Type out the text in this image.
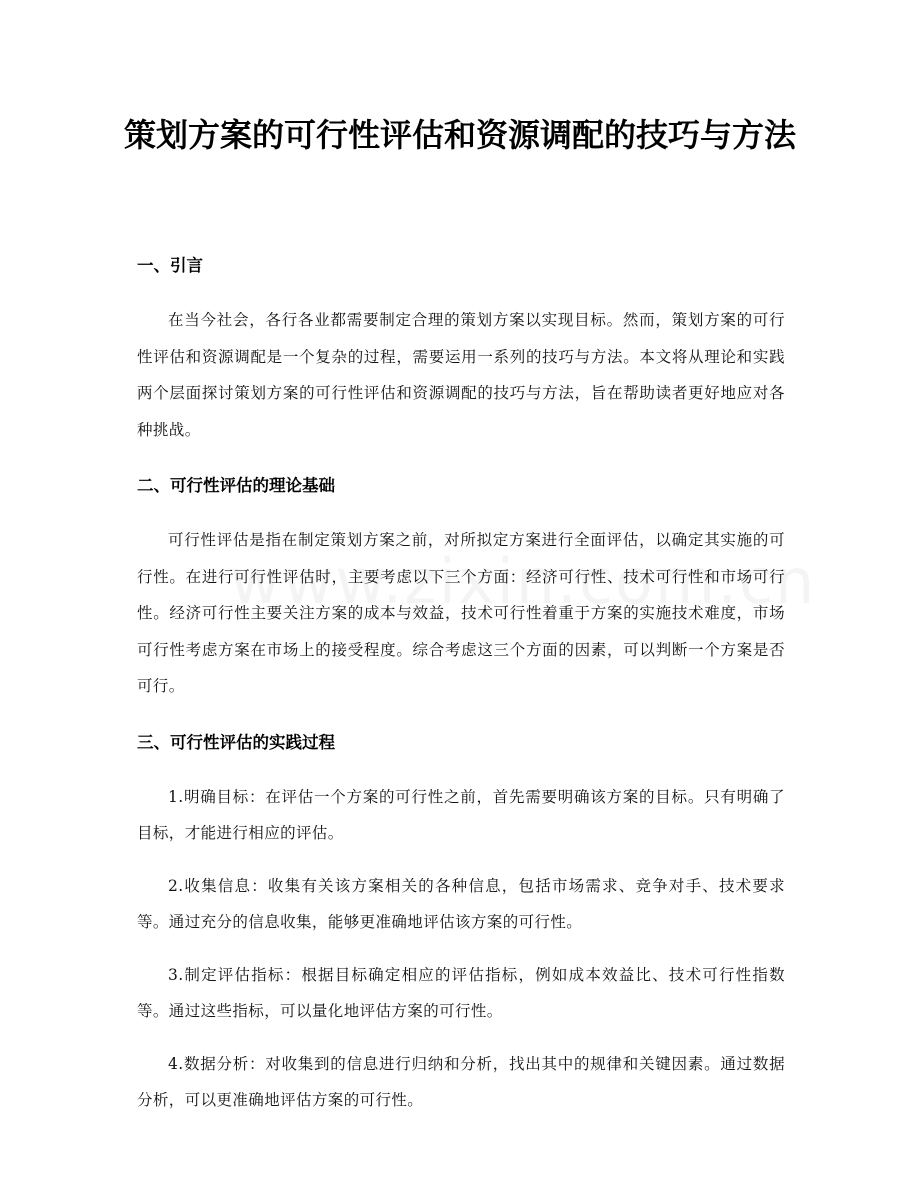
策划方案的可行性评估和资源调配的技巧与方法
一、引言

在当今社会，各行各业都需要制定合理的策划方案以实现目标。然而，策划方案的可行性评估和资源调配是一个复杂的过程，需要运用一系列的技巧与方法。本文将从理论和实践两个层面探讨策划方案的可行性评估和资源调配的技巧与方法，旨在帮助读者更好地应对各种挑战。

二、可行性评估的理论基础

可行性评估是指在制定策划方案之前，对所拟定方案进行全面评估，以确定其实施的可行性。在进行可行性评估时，主要考虑以下三个方面：经济可行性、技术可行性和市场可行性。经济可行性主要关注方案的成本与效益，技术可行性着重于方案的实施技术难度，市场可行性考虑方案在市场上的接受程度。综合考虑这三个方面的因素，可以判断一个方案是否可行。

三、可行性评估的实践过程

1.明确目标：在评估一个方案的可行性之前，首先需要明确该方案的目标。只有明确了目标，才能进行相应的评估。

2.收集信息：收集有关该方案相关的各种信息，包括市场需求、竞争对手、技术要求等。通过充分的信息收集，能够更准确地评估该方案的可行性。

3.制定评估指标：根据目标确定相应的评估指标，例如成本效益比、技术可行性指数等。通过这些指标，可以量化地评估方案的可行性。

4.数据分析：对收集到的信息进行归纳和分析，找出其中的规律和关键因素。通过数据分析，可以更准确地评估方案的可行性。
